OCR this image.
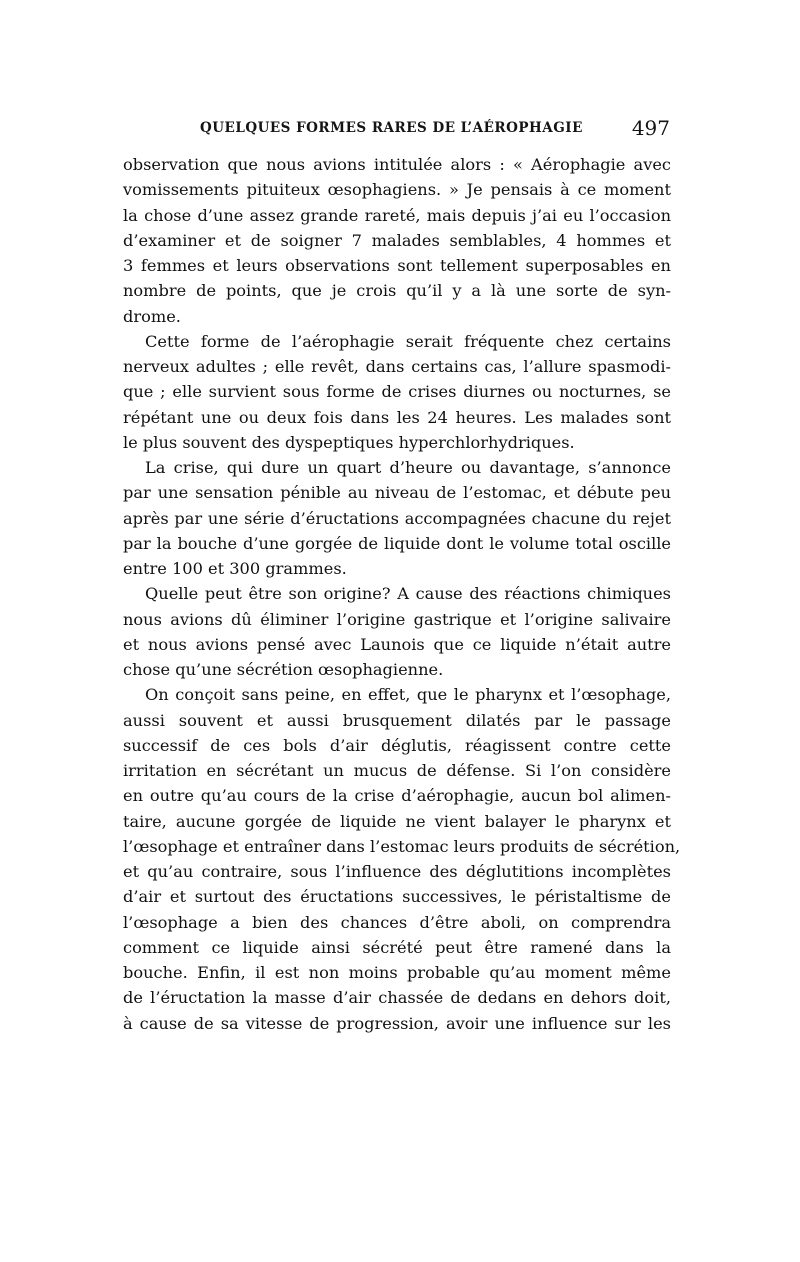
QUELQUES FORMES RARES DE L’AÉROPHAGIE 497
observation que nous avions intitulée alors : « Aérophagie avec
vomissements pituiteux œsophagiens. » Je pensais à ce moment
la chose d’une assez grande rareté, mais depuis j’ai eu l’occasion
d’examiner et de soigner 7 malades semblables, 4 hommes et
3 femmes et leurs observations sont tellement superposables en
nombre de points, que je crois qu’il y a là une sorte de syn-
drome.
Cette forme de l’aérophagie serait fréquente chez certains
nerveux adultes ; elle revêt, dans certains cas, l’allure spasmodi-
que ; elle survient sous forme de crises diurnes ou nocturnes, se
répétant une ou deux fois dans les 24 heures. Les malades sont
le plus souvent des dyspeptiques hyperchlorhydriques.
La crise, qui dure un quart d’heure ou davantage, s’annonce
par une sensation pénible au niveau de l’estomac, et débute peu
après par une série d’éructations accompagnées chacune du rejet
par la bouche d’une gorgée de liquide dont le volume total oscille
entre 100 et 300 grammes.
Quelle peut être son origine? A cause des réactions chimiques
nous avions dû éliminer l’origine gastrique et l’origine salivaire
et nous avions pensé avec Launois que ce liquide n’était autre
chose qu’une sécrétion œsophagienne.
On conçoit sans peine, en effet, que le pharynx et l’œsophage,
aussi souvent et aussi brusquement dilatés par le passage
successif de ces bols d’air déglutis, réagissent contre cette
irritation en sécrétant un mucus de défense. Si l’on considère
en outre qu’au cours de la crise d’aérophagie, aucun bol alimen-
taire, aucune gorgée de liquide ne vient balayer le pharynx et
l’œsophage et entraîner dans l’estomac leurs produits de sécrétion,
et qu’au contraire, sous l’influence des déglutitions incomplètes
d’air et surtout des éructations successives, le péristaltisme de
l’œsophage a bien des chances d’être aboli, on comprendra
comment ce liquide ainsi sécrété peut être ramené dans la
bouche. Enfin, il est non moins probable qu’au moment même
de l’éructation la masse d’air chassée de dedans en dehors doit,
à cause de sa vitesse de progression, avoir une influence sur les
